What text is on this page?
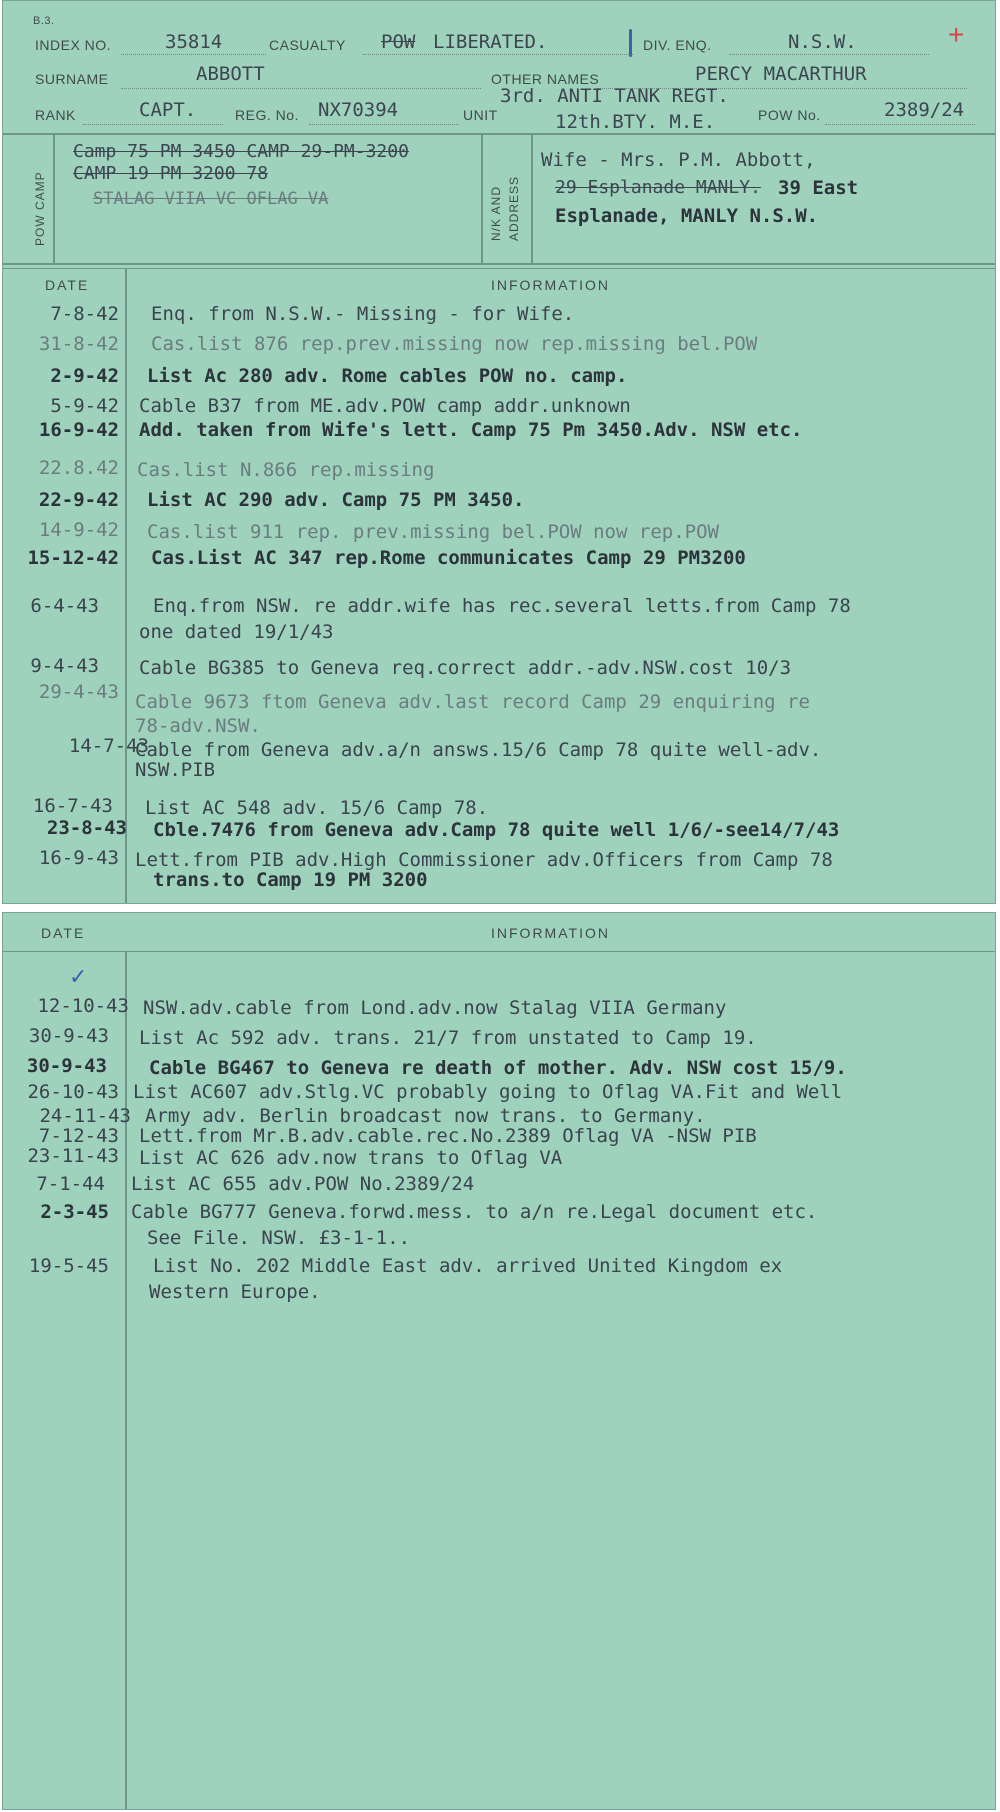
B.3.	+
INDEX NO.	35814	CASUALTY POW LIBERATED.	DIV. ENQ.	N.S.W.
SURNAME	ABBOTT	OTHER NAMES	PERCY MACARTHUR
RANK	CAPT.	REG. No. NX70394	UNIT
3rd. ANTI TANK REGT.
12th.BTY. M.E.	POW No.	2389/24
POW CAMP
Camp 75 PM 3450 CAMP 29-PM-3200
CAMP 19 PM 3200 78
STALAG VIIA VC OFLAG VA	N/K AND ADDRESS
Wife - Mrs. P.M. Abbott,
29 Esplanade MANLY. 39 East
Esplanade, MANLY N.S.W.
DATE	INFORMATION
7-8-42 Enq. from N.S.W.- Missing - for Wife.
31-8-42 Cas.list 876 rep.prev.missing now rep.missing bel.POW
2-9-42 List Ac 280 adv. Rome cables POW no. camp.
5-9-42 Cable B37 from ME.adv.POW camp addr.unknown
16-9-42 Add. taken from Wife's lett. Camp 75 Pm 3450.Adv. NSW etc.
22.8.42 Cas.list N.866 rep.missing
22-9-42 List AC 290 adv. Camp 75 PM 3450.
14-9-42 Cas.list 911 rep. prev.missing bel.POW now rep.POW
15-12-42 Cas.List AC 347 rep.Rome communicates Camp 29 PM3200
6-4-43	Enq.from NSW. re addr.wife has rec.several letts.from Camp 78
one dated 19/1/43
9-4-43 Cable BG385 to Geneva req.correct addr.-adv.NSW.cost 10/3
29-4-43 Cable 9673 ftom Geneva adv.last record Camp 29 enquiring re
78-adv.NSW.
14-7-43
Cable from Geneva adv.a/n answs.15/6 Camp 78 quite well-adv.
NSW.PIB
16-7-43 List AC 548 adv. 15/6 Camp 78.
23-8-43 Cble.7476 from Geneva adv.Camp 78 quite well 1/6/-see14/7/43
16-9-43 Lett.from PIB adv.High Commissioner adv.Officers from Camp 78
trans.to Camp 19 PM 3200
DATE	INFORMATION
✓
12-10-43 NSW.adv.cable from Lond.adv.now Stalag VIIA Germany
30-9-43 List Ac 592 adv. trans. 21/7 from unstated to Camp 19.
30-9-43 Cable BG467 to Geneva re death of mother. Adv. NSW cost 15/9.
26-10-43 List AC607 adv.Stlg.VC probably going to Oflag VA.Fit and Well
24-11-43 Army adv. Berlin broadcast now trans. to Germany.
7-12-43 Lett.from Mr.B.adv.cable.rec.No.2389 Oflag VA -NSW PIB
23-11-43 List AC 626 adv.now trans to Oflag VA
7-1-44 List AC 655 adv.POW No.2389/24
2-3-45 Cable BG777 Geneva.forwd.mess. to a/n re.Legal document etc.
See File. NSW. £3-1-1..
19-5-45 List No. 202 Middle East adv. arrived United Kingdom ex
Western Europe.
